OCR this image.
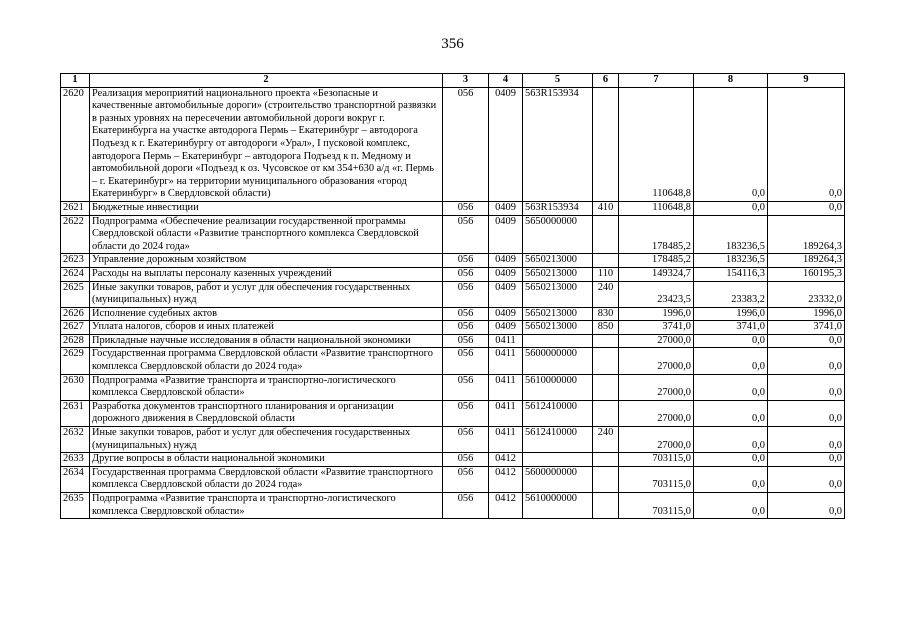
356
1	2	3	4	5	6	7	8	9
2620	Реализация мероприятий национального проекта «Безопасные и качественные автомобильные дороги» (строительство транспортной развязки в разных уровнях на пересечении автомобильной дороги вокруг г. Екатеринбурга на участке автодорога Пермь – Екатеринбург – автодорога Подъезд к г. Екатеринбургу от автодороги «Урал», I пусковой комплекс, автодорога Пермь – Екатеринбург – автодорога Подъезд к п. Медному и автомобильной дороги «Подъезд к оз. Чусовское от км 354+630 а/д «г. Пермь – г. Екатеринбург» на территории муниципального образования «город Екатеринбург» в Свердловской области)	056	0409	563R153934		110648,8	0,0	0,0
2621	Бюджетные инвестиции	056	0409	563R153934	410	110648,8	0,0	0,0
2622	Подпрограмма «Обеспечение реализации государственной программы Свердловской области «Развитие транспортного комплекса Свердловской области до 2024 года»	056	0409	5650000000		178485,2	183236,5	189264,3
2623	Управление дорожным хозяйством	056	0409	5650213000		178485,2	183236,5	189264,3
2624	Расходы на выплаты персоналу казенных учреждений	056	0409	5650213000	110	149324,7	154116,3	160195,3
2625	Иные закупки товаров, работ и услуг для обеспечения государственных (муниципальных) нужд	056	0409	5650213000	240	23423,5	23383,2	23332,0
2626	Исполнение судебных актов	056	0409	5650213000	830	1996,0	1996,0	1996,0
2627	Уплата налогов, сборов и иных платежей	056	0409	5650213000	850	3741,0	3741,0	3741,0
2628	Прикладные научные исследования в области национальной экономики	056	0411			27000,0	0,0	0,0
2629	Государственная программа Свердловской области «Развитие транспортного комплекса Свердловской области до 2024 года»	056	0411	5600000000		27000,0	0,0	0,0
2630	Подпрограмма «Развитие транспорта и транспортно-логистического комплекса Свердловской области»	056	0411	5610000000		27000,0	0,0	0,0
2631	Разработка документов транспортного планирования и организации дорожного движения в Свердловской области	056	0411	5612410000		27000,0	0,0	0,0
2632	Иные закупки товаров, работ и услуг для обеспечения государственных (муниципальных) нужд	056	0411	5612410000	240	27000,0	0,0	0,0
2633	Другие вопросы в области национальной экономики	056	0412			703115,0	0,0	0,0
2634	Государственная программа Свердловской области «Развитие транспортного комплекса Свердловской области до 2024 года»	056	0412	5600000000		703115,0	0,0	0,0
2635	Подпрограмма «Развитие транспорта и транспортно-логистического комплекса Свердловской области»	056	0412	5610000000		703115,0	0,0	0,0
